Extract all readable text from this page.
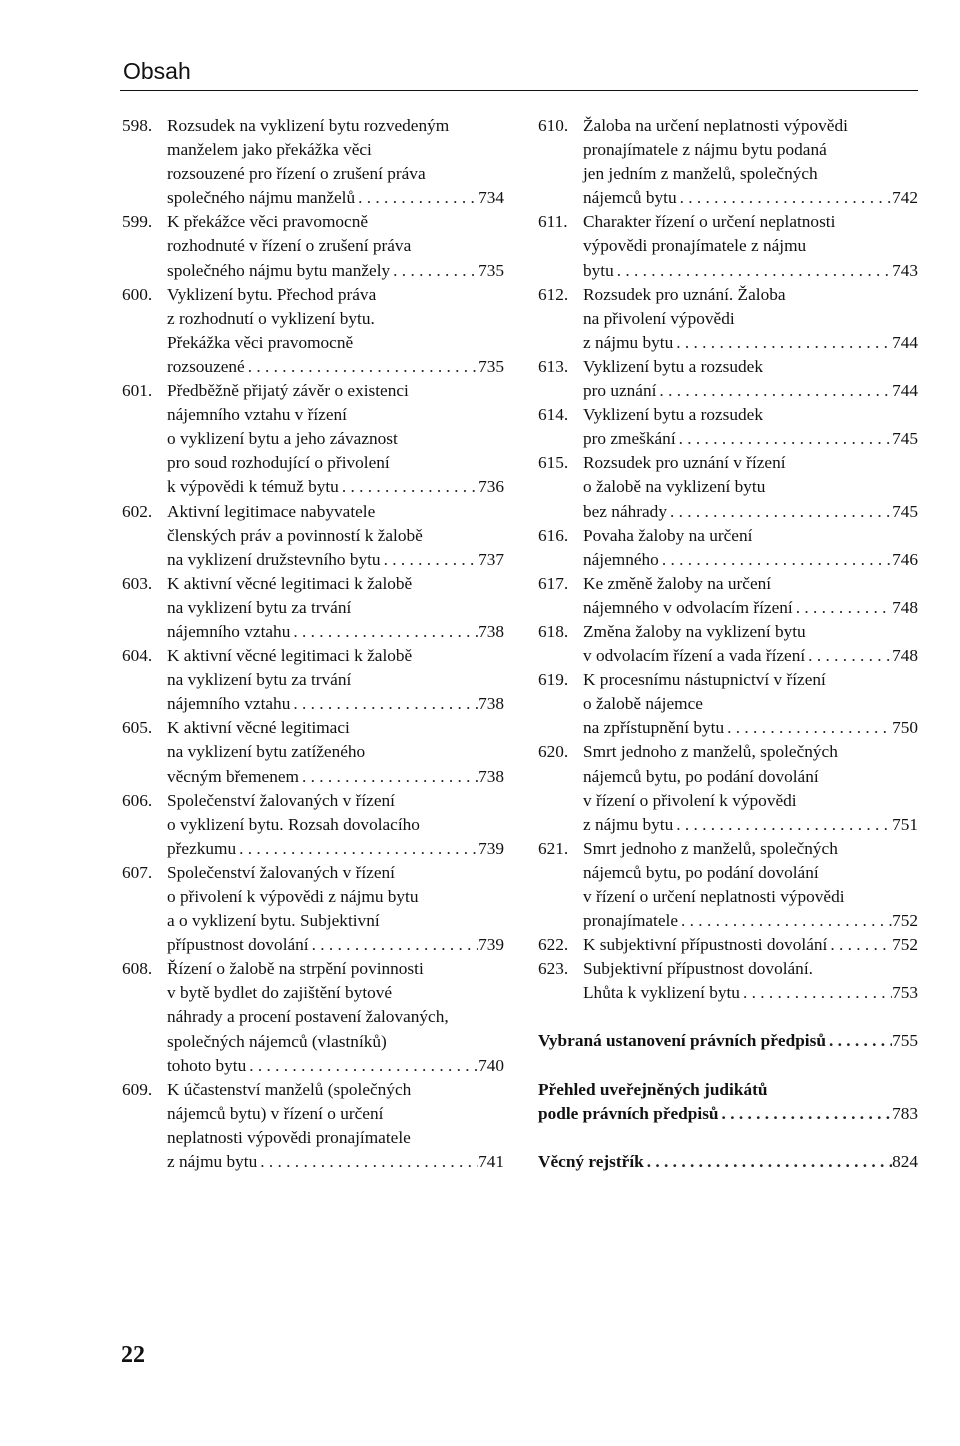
Obsah
598. Rozsudek na vyklizení bytu rozvedeným
manželem jako překážka věci
rozsouzené pro řízení o zrušení práva
společného nájmu manželů . . .	734
599. K překážce věci pravomocně
rozhodnuté v řízení o zrušení práva
společného nájmu bytu manžely . . .	735
600. Vyklizení bytu. Přechod práva
z rozhodnutí o vyklizení bytu.
Překážka věci pravomocně
rozsouzené . . .	735
601. Předběžně přijatý závěr o existenci
nájemního vztahu v řízení
o vyklizení bytu a jeho závaznost
pro soud rozhodující o přivolení
k výpovědi k témuž bytu . . .	736
602. Aktivní legitimace nabyvatele
členských práv a povinností k žalobě
na vyklizení družstevního bytu . . .	737
603. K aktivní věcné legitimaci k žalobě
na vyklizení bytu za trvání
nájemního vztahu . . .	738
604. K aktivní věcné legitimaci k žalobě
na vyklizení bytu za trvání
nájemního vztahu . . .	738
605. K aktivní věcné legitimaci
na vyklizení bytu zatíženého
věcným břemenem . . .	738
606. Společenství žalovaných v řízení
o vyklizení bytu. Rozsah dovolacího
přezkumu . . .	739
607. Společenství žalovaných v řízení
o přivolení k výpovědi z nájmu bytu
a o vyklizení bytu. Subjektivní
přípustnost dovolání . . .	739
608. Řízení o žalobě na strpění povinnosti
v bytě bydlet do zajištění bytové
náhrady a procení postavení žalovaných,
společných nájemců (vlastníků)
tohoto bytu . . .	740
609. K účastenství manželů (společných
nájemců bytu) v řízení o určení
neplatnosti výpovědi pronajímatele
z nájmu bytu . . .	741
610. Žaloba na určení neplatnosti výpovědi
pronajímatele z nájmu bytu podaná
jen jedním z manželů, společných
nájemců bytu . . .	742
611. Charakter řízení o určení neplatnosti
výpovědi pronajímatele z nájmu
bytu . . .	743
612. Rozsudek pro uznání. Žaloba
na přivolení výpovědi
z nájmu bytu . . .	744
613. Vyklizení bytu a rozsudek
pro uznání . . .	744
614. Vyklizení bytu a rozsudek
pro zmeškání . . .	745
615. Rozsudek pro uznání v řízení
o žalobě na vyklizení bytu
bez náhrady . . .	745
616. Povaha žaloby na určení
nájemného . . .	746
617. Ke změně žaloby na určení
nájemného v odvolacím řízení . . .	748
618. Změna žaloby na vyklizení bytu
v odvolacím řízení a vada řízení . . .	748
619. K procesnímu nástupnictví v řízení
o žalobě nájemce
na zpřístupnění bytu . . .	750
620. Smrt jednoho z manželů, společných
nájemců bytu, po podání dovolání
v řízení o přivolení k výpovědi
z nájmu bytu . . .	751
621. Smrt jednoho z manželů, společných
nájemců bytu, po podání dovolání
v řízení o určení neplatnosti výpovědi
pronajímatele . . .	752
622. K subjektivní přípustnosti dovolání . . .	752
623. Subjektivní přípustnost dovolání.
Lhůta k vyklizení bytu . . .	753
Vybraná ustanovení právních předpisů . . .	755
Přehled uveřejněných judikátů
podle právních předpisů . . .	783
Věcný rejstřík . . .	824
22
